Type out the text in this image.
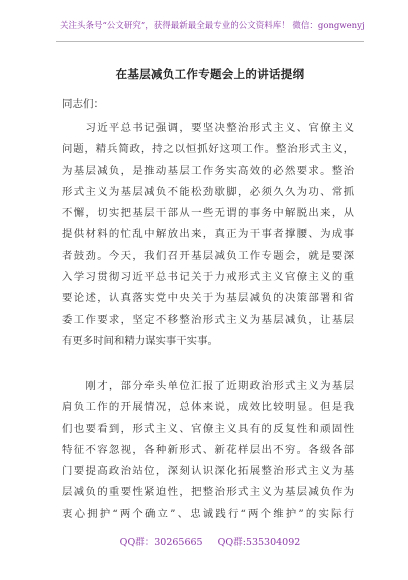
关注头条号“公文研究”，获得最新最全最专业的公文资料库！ 微信：gongwenyj
在基层减负工作专题会上的讲话提纲
同志们：
　　习近平总书记强调，要坚决整治形式主义、官僚主义
问题，精兵简政，持之以恒抓好这项工作。整治形式主义，
为基层减负，是推动基层工作务实高效的必然要求。整治
形式主义为基层减负不能松劲歇脚，必须久久为功、常抓
不懈，切实把基层干部从一些无谓的事务中解脱出来，从
提供材料的忙乱中解放出来，真正为干事者撑腰、为成事
者鼓劲。今天，我们召开基层减负工作专题会，就是要深
入学习贯彻习近平总书记关于力戒形式主义官僚主义的重
要论述，认真落实党中央关于为基层减负的决策部署和省
委工作要求，坚定不移整治形式主义为基层减负，让基层
有更多时间和精力谋实事干实事。
　　刚才，部分牵头单位汇报了近期政治形式主义为基层
肩负工作的开展情况，总体来说，成效比较明显。但是我
们也要看到，形式主义、官僚主义具有的反复性和顽固性
特征不容忽视，各种新形式、新花样层出不穷。各级各部
门要提高政治站位，深刻认识深化拓展整治形式主义为基
层减负的重要性紧迫性，把整治形式主义为基层减负作为
衷心拥护“两个确立”、忠诚践行“两个维护”的实际行
QQ群：30265665 QQ群:535304092
